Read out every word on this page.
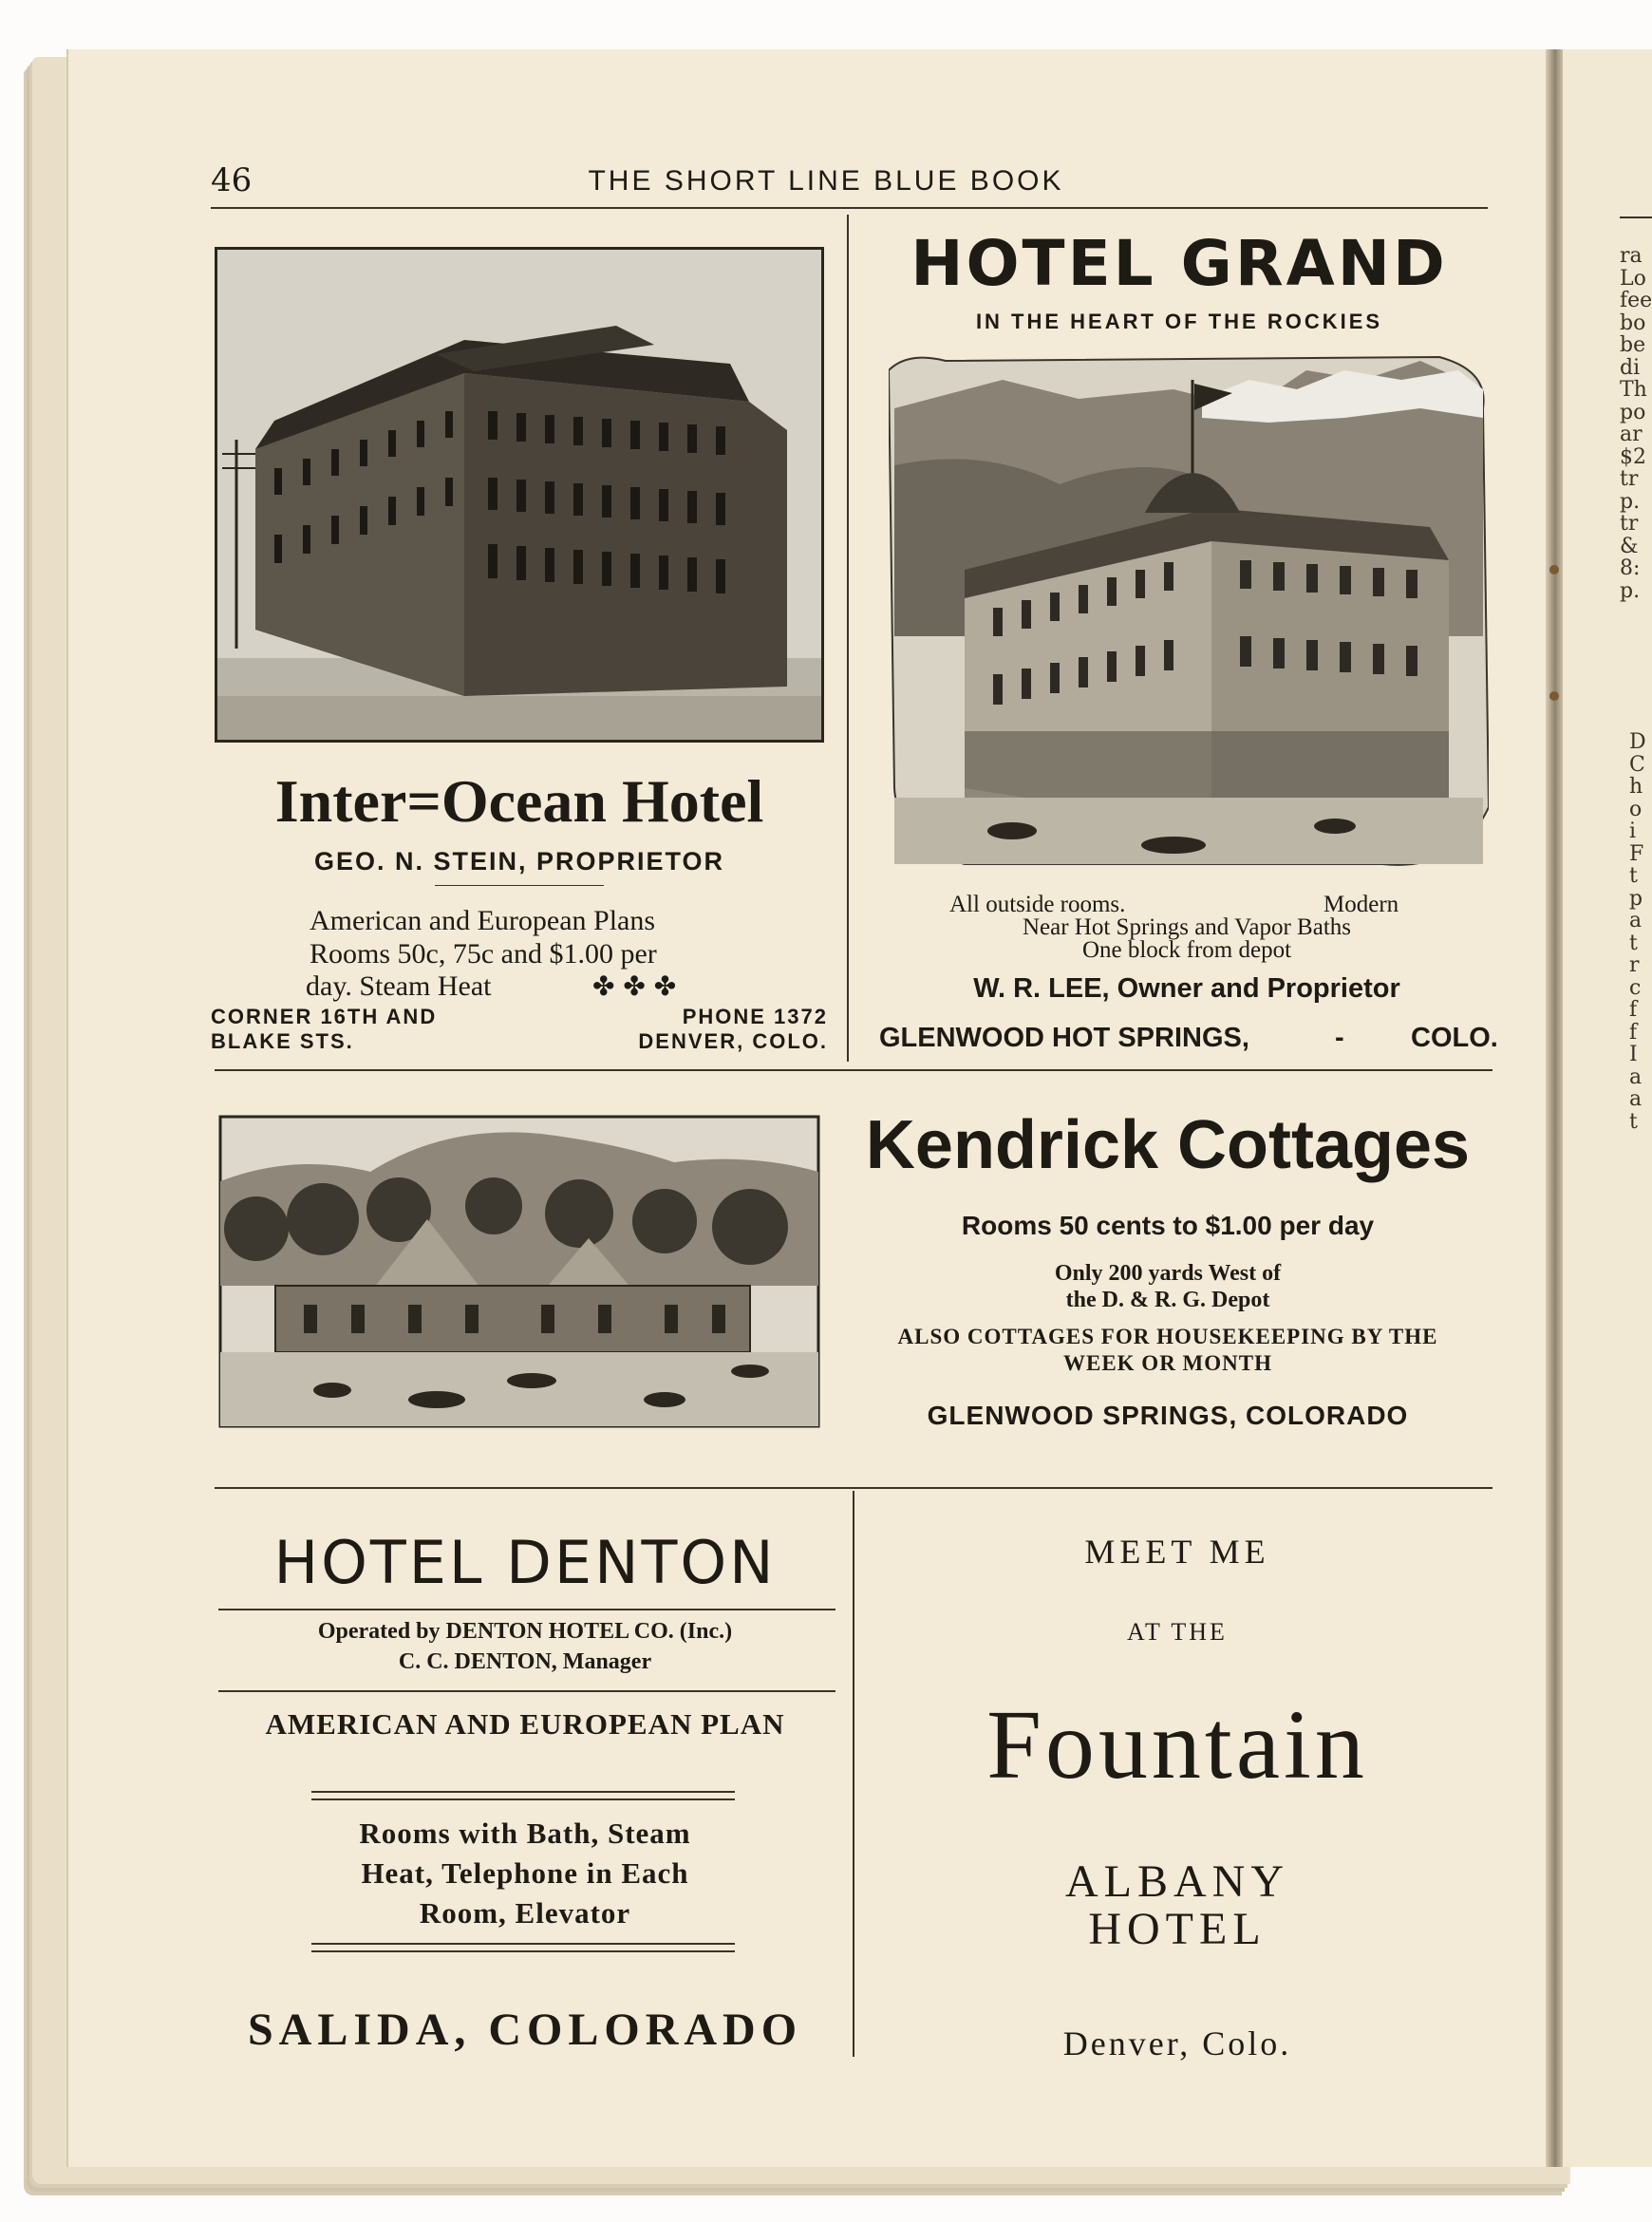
ra
Lo
fee
bo
be
di
Th
po
ar
$2
tr
p.
tr
&
8:
p.
D
C
h
o
i
F
t
p
a
t
r
c
f
f
I
a
a
t
46	THE SHORT LINE BLUE BOOK
Inter=Ocean Hotel
GEO. N. STEIN, PROPRIETOR
American and European Plans
Rooms 50c, 75c and $1.00 per
day. Steam Heat	✤ ✤ ✤
CORNER 16TH AND
BLAKE STS.
PHONE 1372
DENVER, COLO.
HOTEL GRAND
IN THE HEART OF THE ROCKIES
All outside rooms.	Modern
Near Hot Springs and Vapor Baths
One block from depot
W. R. LEE, Owner and Proprietor
GLENWOOD HOT SPRINGS,	- COLO.
Kendrick Cottages
Rooms 50 cents to $1.00 per day
Only 200 yards West of
the D. & R. G. Depot
ALSO COTTAGES FOR HOUSEKEEPING BY THE
WEEK OR MONTH
GLENWOOD SPRINGS, COLORADO
HOTEL DENTON
Operated by DENTON HOTEL CO. (Inc.)
C. C. DENTON, Manager
AMERICAN AND EUROPEAN PLAN
Rooms with Bath, Steam
Heat, Telephone in Each
Room, Elevator
SALIDA, COLORADO
MEET ME
AT THE
Fountain
ALBANY
HOTEL
Denver, Colo.
